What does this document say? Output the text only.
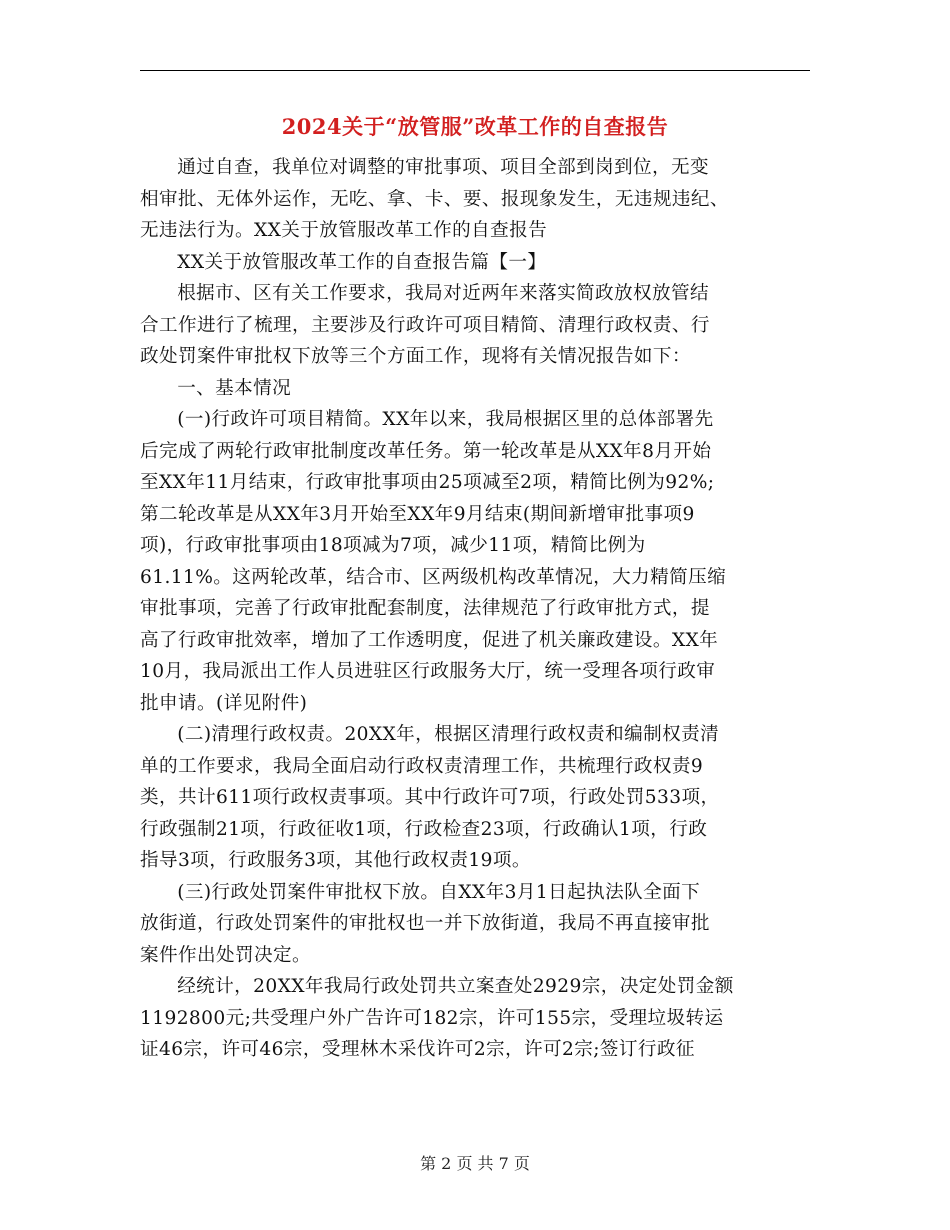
2024关于“放管服”改革工作的自查报告
通过自查，我单位对调整的审批事项、项目全部到岗到位，无变
相审批、无体外运作，无吃、拿、卡、要、报现象发生，无违规违纪、
无违法行为。XX关于放管服改革工作的自查报告
XX关于放管服改革工作的自查报告篇【一】
根据市、区有关工作要求，我局对近两年来落实简政放权放管结
合工作进行了梳理，主要涉及行政许可项目精简、清理行政权责、行
政处罚案件审批权下放等三个方面工作，现将有关情况报告如下：
一、基本情况
(一)行政许可项目精简。XX年以来，我局根据区里的总体部署先
后完成了两轮行政审批制度改革任务。第一轮改革是从XX年8月开始
至XX年11月结束，行政审批事项由25项减至2项，精简比例为92%;
第二轮改革是从XX年3月开始至XX年9月结束(期间新增审批事项9
项)，行政审批事项由18项减为7项，减少11项，精简比例为
61.11%。这两轮改革，结合市、区两级机构改革情况，大力精简压缩
审批事项，完善了行政审批配套制度，法律规范了行政审批方式，提
高了行政审批效率，增加了工作透明度，促进了机关廉政建设。XX年
10月，我局派出工作人员进驻区行政服务大厅，统一受理各项行政审
批申请。(详见附件)
(二)清理行政权责。20XX年，根据区清理行政权责和编制权责清
单的工作要求，我局全面启动行政权责清理工作，共梳理行政权责9
类，共计611项行政权责事项。其中行政许可7项，行政处罚533项，
行政强制21项，行政征收1项，行政检查23项，行政确认1项，行政
指导3项，行政服务3项，其他行政权责19项。
(三)行政处罚案件审批权下放。自XX年3月1日起执法队全面下
放街道，行政处罚案件的审批权也一并下放街道，我局不再直接审批
案件作出处罚决定。
经统计，20XX年我局行政处罚共立案查处2929宗，决定处罚金额
1192800元;共受理户外广告许可182宗，许可155宗，受理垃圾转运
证46宗，许可46宗，受理林木采伐许可2宗，许可2宗;签订行政征
第 2 页 共 7 页
